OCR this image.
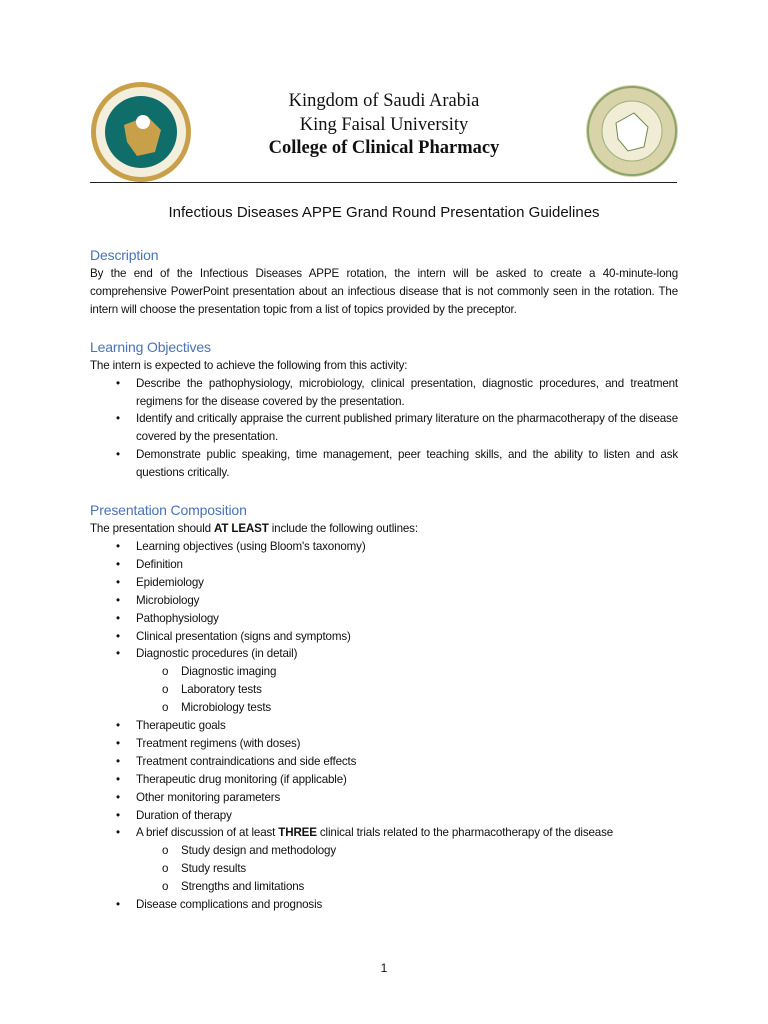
Kingdom of Saudi Arabia
King Faisal University
College of Clinical Pharmacy
Infectious Diseases APPE Grand Round Presentation Guidelines
Description

By the end of the Infectious Diseases APPE rotation, the intern will be asked to create a 40-minute-long comprehensive PowerPoint presentation about an infectious disease that is not commonly seen in the rotation. The intern will choose the presentation topic from a list of topics provided by the preceptor.

Learning Objectives

The intern is expected to achieve the following from this activity:

• Describe the pathophysiology, microbiology, clinical presentation, diagnostic procedures, and treatment regimens for the disease covered by the presentation.
• Identify and critically appraise the current published primary literature on the pharmacotherapy of the disease covered by the presentation.
• Demonstrate public speaking, time management, peer teaching skills, and the ability to listen and ask questions critically.
Presentation Composition

The presentation should AT LEAST include the following outlines:

• Learning objectives (using Bloom's taxonomy)
• Definition
• Epidemiology
• Microbiology
• Pathophysiology
• Clinical presentation (signs and symptoms)
• Diagnostic procedures (in detail)
o Diagnostic imaging
o Laboratory tests
o Microbiology tests
• Therapeutic goals
• Treatment regimens (with doses)
• Treatment contraindications and side effects
• Therapeutic drug monitoring (if applicable)
• Other monitoring parameters
• Duration of therapy
• A brief discussion of at least THREE clinical trials related to the pharmacotherapy of the disease
o Study design and methodology
o Study results
o Strengths and limitations
• Disease complications and prognosis
1
